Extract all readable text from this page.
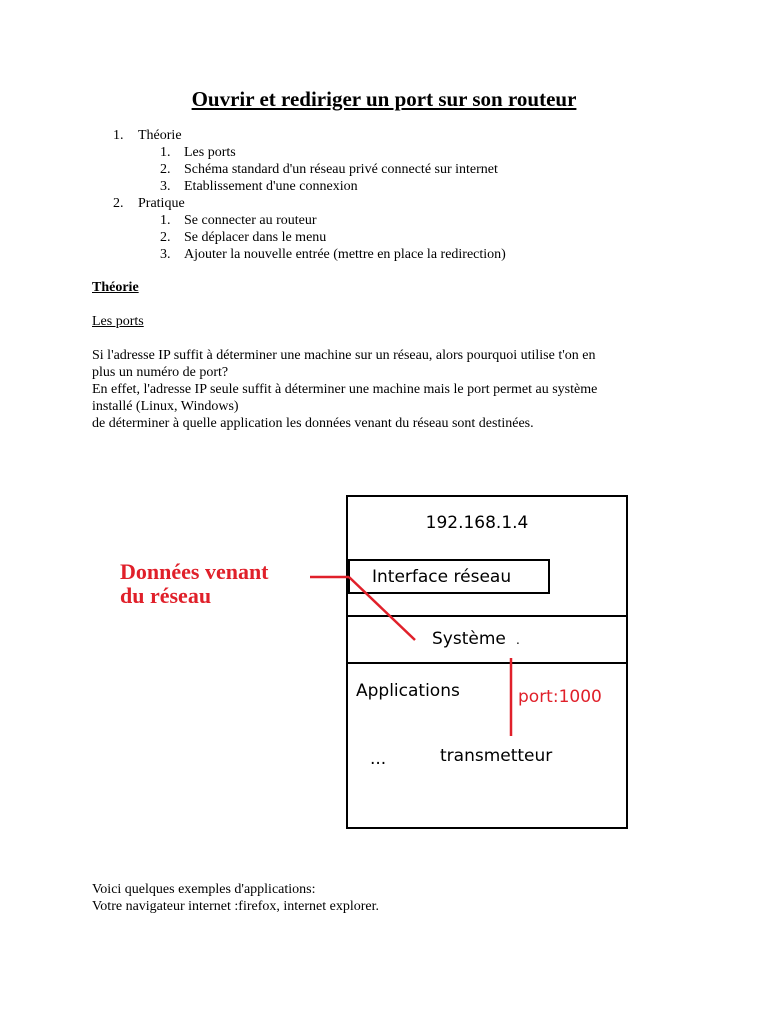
Ouvrir et rediriger un port sur son routeur
1. Théorie
1. Les ports
2. Schéma standard d'un réseau privé connecté sur internet
3. Etablissement d'une connexion
2. Pratique
1. Se connecter au routeur
2. Se déplacer dans le menu
3. Ajouter la nouvelle entrée (mettre en place la redirection)
Théorie
Les ports
Si l'adresse IP suffit à déterminer une machine sur un réseau, alors pourquoi utilise t'on en
plus un numéro de port?
En effet, l'adresse IP seule suffit à déterminer une machine mais le port permet au système
installé (Linux, Windows)
de déterminer à quelle application les données venant du réseau sont destinées.
192.168.1.4
Interface réseau
Système
Applications
...	transmetteur
.
Données venant
du réseau
port:1000
Voici quelques exemples d'applications:
Votre navigateur internet :firefox, internet explorer.
